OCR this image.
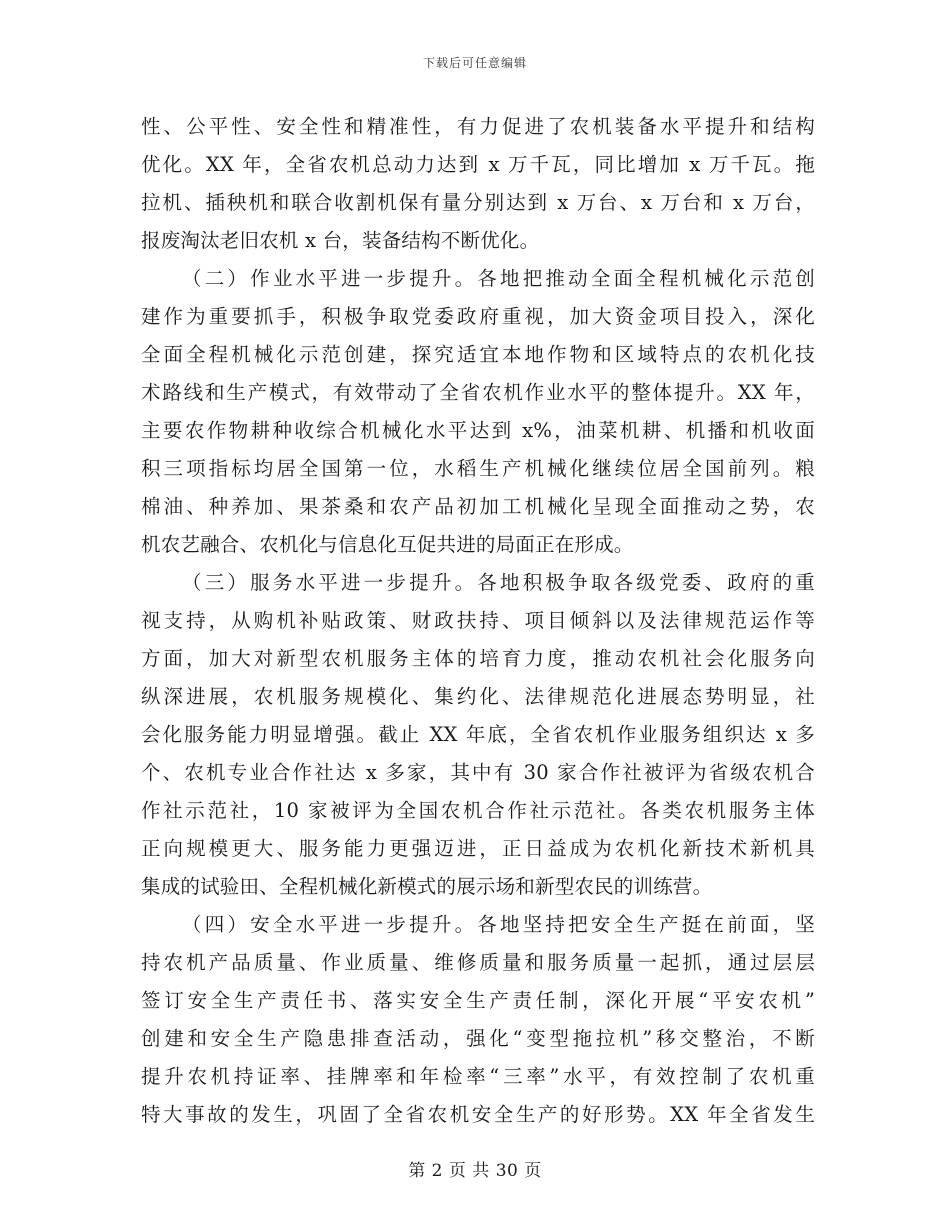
下载后可任意编辑
性、公平性、安全性和精准性，有力促进了农机装备水平提升和结构
优化。XX 年，全省农机总动力达到 x 万千瓦，同比增加 x 万千瓦。拖
拉机、插秧机和联合收割机保有量分别达到 x 万台、x 万台和 x 万台，
报废淘汰老旧农机 x 台，装备结构不断优化。
（二）作业水平进一步提升。各地把推动全面全程机械化示范创
建作为重要抓手，积极争取党委政府重视，加大资金项目投入，深化
全面全程机械化示范创建，探究适宜本地作物和区域特点的农机化技
术路线和生产模式，有效带动了全省农机作业水平的整体提升。XX 年，
主要农作物耕种收综合机械化水平达到 x%，油菜机耕、机播和机收面
积三项指标均居全国第一位，水稻生产机械化继续位居全国前列。粮
棉油、种养加、果茶桑和农产品初加工机械化呈现全面推动之势，农
机农艺融合、农机化与信息化互促共进的局面正在形成。
（三）服务水平进一步提升。各地积极争取各级党委、政府的重
视支持，从购机补贴政策、财政扶持、项目倾斜以及法律规范运作等
方面，加大对新型农机服务主体的培育力度，推动农机社会化服务向
纵深进展，农机服务规模化、集约化、法律规范化进展态势明显，社
会化服务能力明显增强。截止 XX 年底，全省农机作业服务组织达 x 多
个、农机专业合作社达 x 多家，其中有 30 家合作社被评为省级农机合
作社示范社，10 家被评为全国农机合作社示范社。各类农机服务主体
正向规模更大、服务能力更强迈进，正日益成为农机化新技术新机具
集成的试验田、全程机械化新模式的展示场和新型农民的训练营。
（四）安全水平进一步提升。各地坚持把安全生产挺在前面，坚
持农机产品质量、作业质量、维修质量和服务质量一起抓，通过层层
签订安全生产责任书、落实安全生产责任制，深化开展“平安农机”
创建和安全生产隐患排查活动，强化“变型拖拉机”移交整治，不断
提升农机持证率、挂牌率和年检率“三率”水平，有效控制了农机重
特大事故的发生，巩固了全省农机安全生产的好形势。XX 年全省发生
第 2 页 共 30 页
